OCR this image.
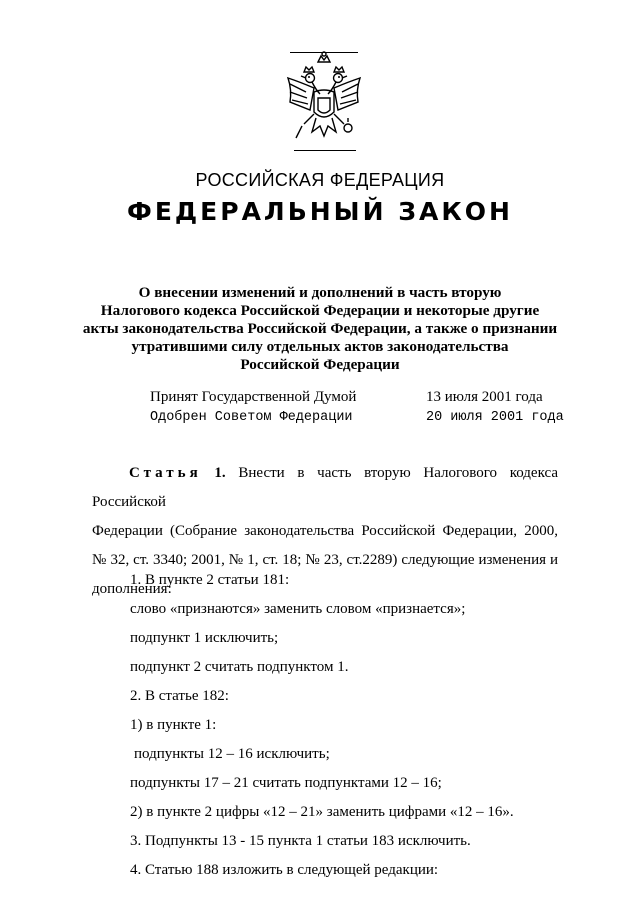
РОССИЙСКАЯ ФЕДЕРАЦИЯ
ФЕДЕРАЛЬНЫЙ ЗАКОН
О внесении изменений и дополнений в часть вторую
Налогового кодекса Российской Федерации и некоторые другие
акты законодательства Российской Федерации, а также о признании
утратившими силу отдельных актов законодательства
Российской Федерации
Принят Государственной Думой	13 июля 2001 года
Одобрен Советом Федерации	20 июля 2001 года
Статья 1. Внести в часть вторую Налогового кодекса Российской
Федерации (Собрание законодательства Российской Федерации, 2000, № 32, ст. 3340; 2001, № 1, ст. 18; № 23, ст.2289) следующие изменения и дополнения:
1. В пункте 2 статьи 181:
слово «признаются» заменить словом «признается»;
подпункт 1 исключить;
подпункт 2 считать подпунктом 1.
2. В статье 182:
1) в пункте 1:
подпункты 12 – 16 исключить;
подпункты 17 – 21 считать подпунктами 12 – 16;
2) в пункте 2 цифры «12 – 21» заменить цифрами «12 – 16».
3. Подпункты 13 - 15 пункта 1 статьи 183 исключить.
4. Статью 188 изложить в следующей редакции:
